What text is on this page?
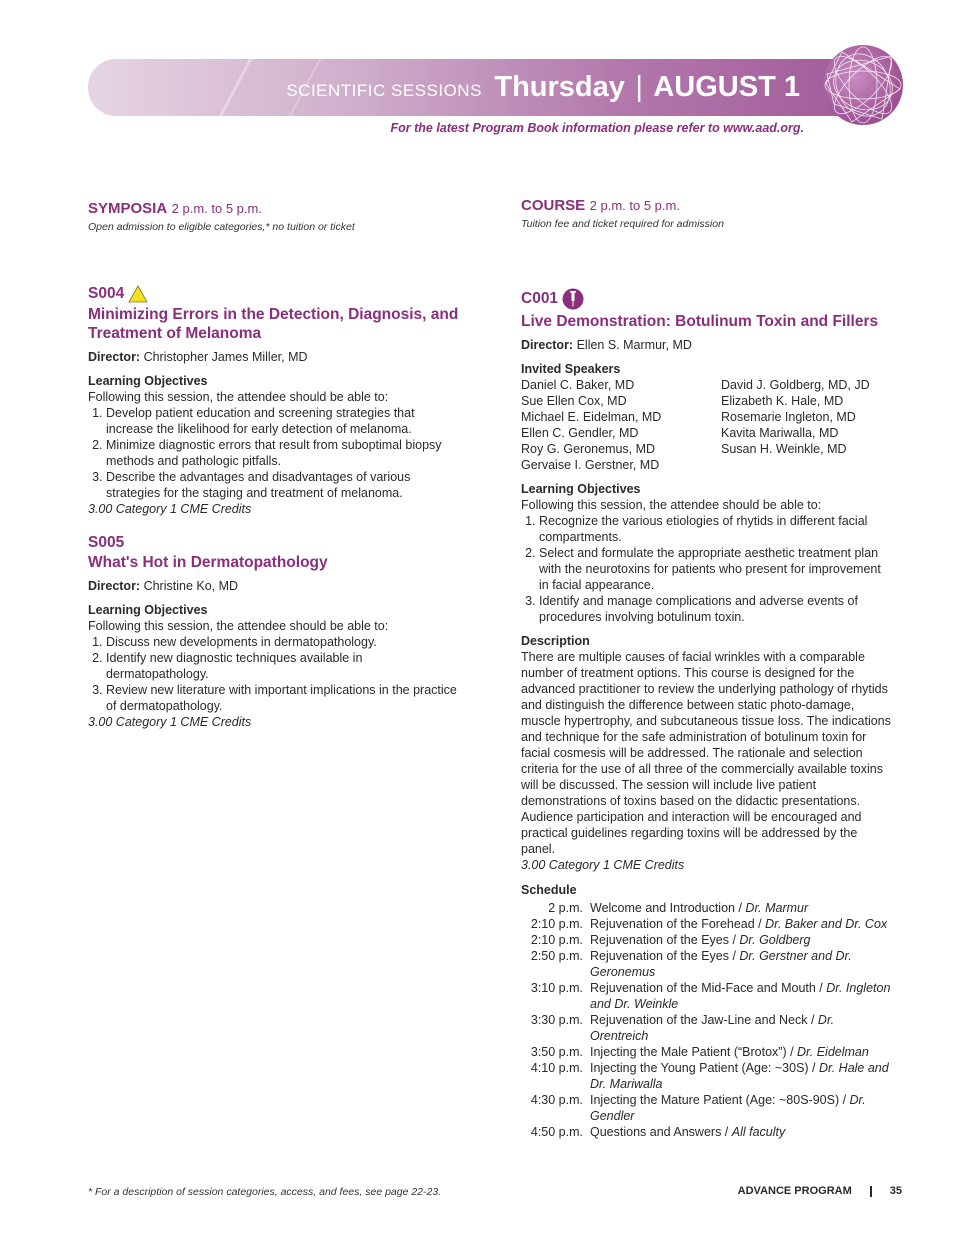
SCIENTIFIC SESSIONS Thursday | AUGUST 1
For the latest Program Book information please refer to www.aad.org.
SYMPOSIA 2 p.m. to 5 p.m.
Open admission to eligible categories,* no tuition or ticket
COURSE 2 p.m. to 5 p.m.
Tuition fee and ticket required for admission
S004
Minimizing Errors in the Detection, Diagnosis, and Treatment of Melanoma
Director: Christopher James Miller, MD
Learning Objectives
Following this session, the attendee should be able to:
1. Develop patient education and screening strategies that increase the likelihood for early detection of melanoma.
2. Minimize diagnostic errors that result from suboptimal biopsy methods and pathologic pitfalls.
3. Describe the advantages and disadvantages of various strategies for the staging and treatment of melanoma.
3.00 Category 1 CME Credits
S005
What's Hot in Dermatopathology
Director: Christine Ko, MD
Learning Objectives
Following this session, the attendee should be able to:
1. Discuss new developments in dermatopathology.
2. Identify new diagnostic techniques available in dermatopathology.
3. Review new literature with important implications in the practice of dermatopathology.
3.00 Category 1 CME Credits
C001
Live Demonstration: Botulinum Toxin and Fillers
Director: Ellen S. Marmur, MD
Invited Speakers
Daniel C. Baker, MD
Sue Ellen Cox, MD
Michael E. Eidelman, MD
Ellen C. Gendler, MD
Roy G. Geronemus, MD
Gervaise I. Gerstner, MD
David J. Goldberg, MD, JD
Elizabeth K. Hale, MD
Rosemarie Ingleton, MD
Kavita Mariwalla, MD
Susan H. Weinkle, MD
Learning Objectives
Following this session, the attendee should be able to:
1. Recognize the various etiologies of rhytids in different facial compartments.
2. Select and formulate the appropriate aesthetic treatment plan with the neurotoxins for patients who present for improvement in facial appearance.
3. Identify and manage complications and adverse events of procedures involving botulinum toxin.
Description
There are multiple causes of facial wrinkles with a comparable number of treatment options. This course is designed for the advanced practitioner to review the underlying pathology of rhytids and distinguish the difference between static photo-damage, muscle hypertrophy, and subcutaneous tissue loss. The indications and technique for the safe administration of botulinum toxin for facial cosmesis will be addressed. The rationale and selection criteria for the use of all three of the commercially available toxins will be discussed. The session will include live patient demonstrations of toxins based on the didactic presentations. Audience participation and interaction will be encouraged and practical guidelines regarding toxins will be addressed by the panel.
3.00 Category 1 CME Credits
Schedule
2 p.m. Welcome and Introduction / Dr. Marmur
2:10 p.m. Rejuvenation of the Forehead / Dr. Baker and Dr. Cox
2:10 p.m. Rejuvenation of the Eyes / Dr. Goldberg
2:50 p.m. Rejuvenation of the Eyes / Dr. Gerstner and Dr. Geronemus
3:10 p.m. Rejuvenation of the Mid-Face and Mouth / Dr. Ingleton and Dr. Weinkle
3:30 p.m. Rejuvenation of the Jaw-Line and Neck / Dr. Orentreich
3:50 p.m. Injecting the Male Patient (“Brotox”) / Dr. Eidelman
4:10 p.m. Injecting the Young Patient (Age: ~30S) / Dr. Hale and Dr. Mariwalla
4:30 p.m. Injecting the Mature Patient (Age: ~80S-90S) / Dr. Gendler
4:50 p.m. Questions and Answers / All faculty
* For a description of session categories, access, and fees, see page 22-23.	ADVANCE PROGRAM	35
